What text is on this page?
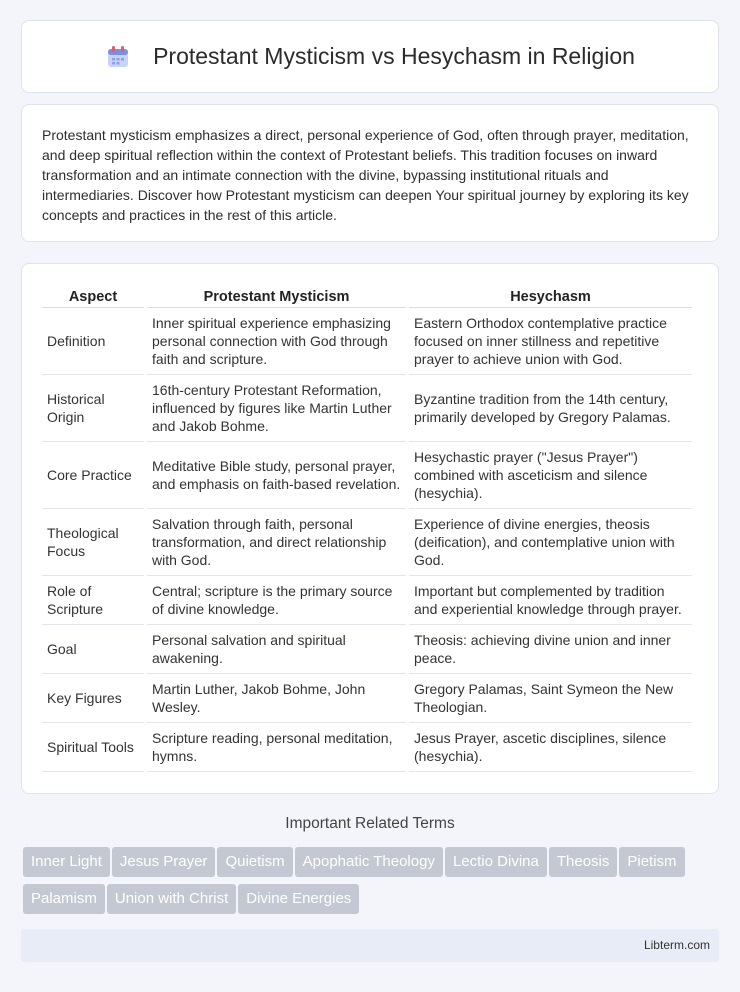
Protestant Mysticism vs Hesychasm in Religion

Protestant mysticism emphasizes a direct, personal experience of God, often through prayer, meditation, and deep spiritual reflection within the context of Protestant beliefs. This tradition focuses on inward transformation and an intimate connection with the divine, bypassing institutional rituals and intermediaries. Discover how Protestant mysticism can deepen Your spiritual journey by exploring its key concepts and practices in the rest of this article.

Aspect	Protestant Mysticism	Hesychasm
Definition	Inner spiritual experience emphasizing personal connection with God through faith and scripture.	Eastern Orthodox contemplative practice focused on inner stillness and repetitive prayer to achieve union with God.
Historical Origin	16th-century Protestant Reformation, influenced by figures like Martin Luther and Jakob Bohme.	Byzantine tradition from the 14th century, primarily developed by Gregory Palamas.
Core Practice	Meditative Bible study, personal prayer, and emphasis on faith-based revelation.	Hesychastic prayer ("Jesus Prayer") combined with asceticism and silence (hesychia).
Theological Focus	Salvation through faith, personal transformation, and direct relationship with God.	Experience of divine energies, theosis (deification), and contemplative union with God.
Role of Scripture	Central; scripture is the primary source of divine knowledge.	Important but complemented by tradition and experiential knowledge through prayer.
Goal	Personal salvation and spiritual awakening.	Theosis: achieving divine union and inner peace.
Key Figures	Martin Luther, Jakob Bohme, John Wesley.	Gregory Palamas, Saint Symeon the New Theologian.
Spiritual Tools	Scripture reading, personal meditation, hymns.	Jesus Prayer, ascetic disciplines, silence (hesychia).
Important Related Terms
Inner Light Jesus Prayer Quietism Apophatic Theology Lectio Divina Theosis PietismPalamism Union with Christ Divine Energies
Libterm.com
